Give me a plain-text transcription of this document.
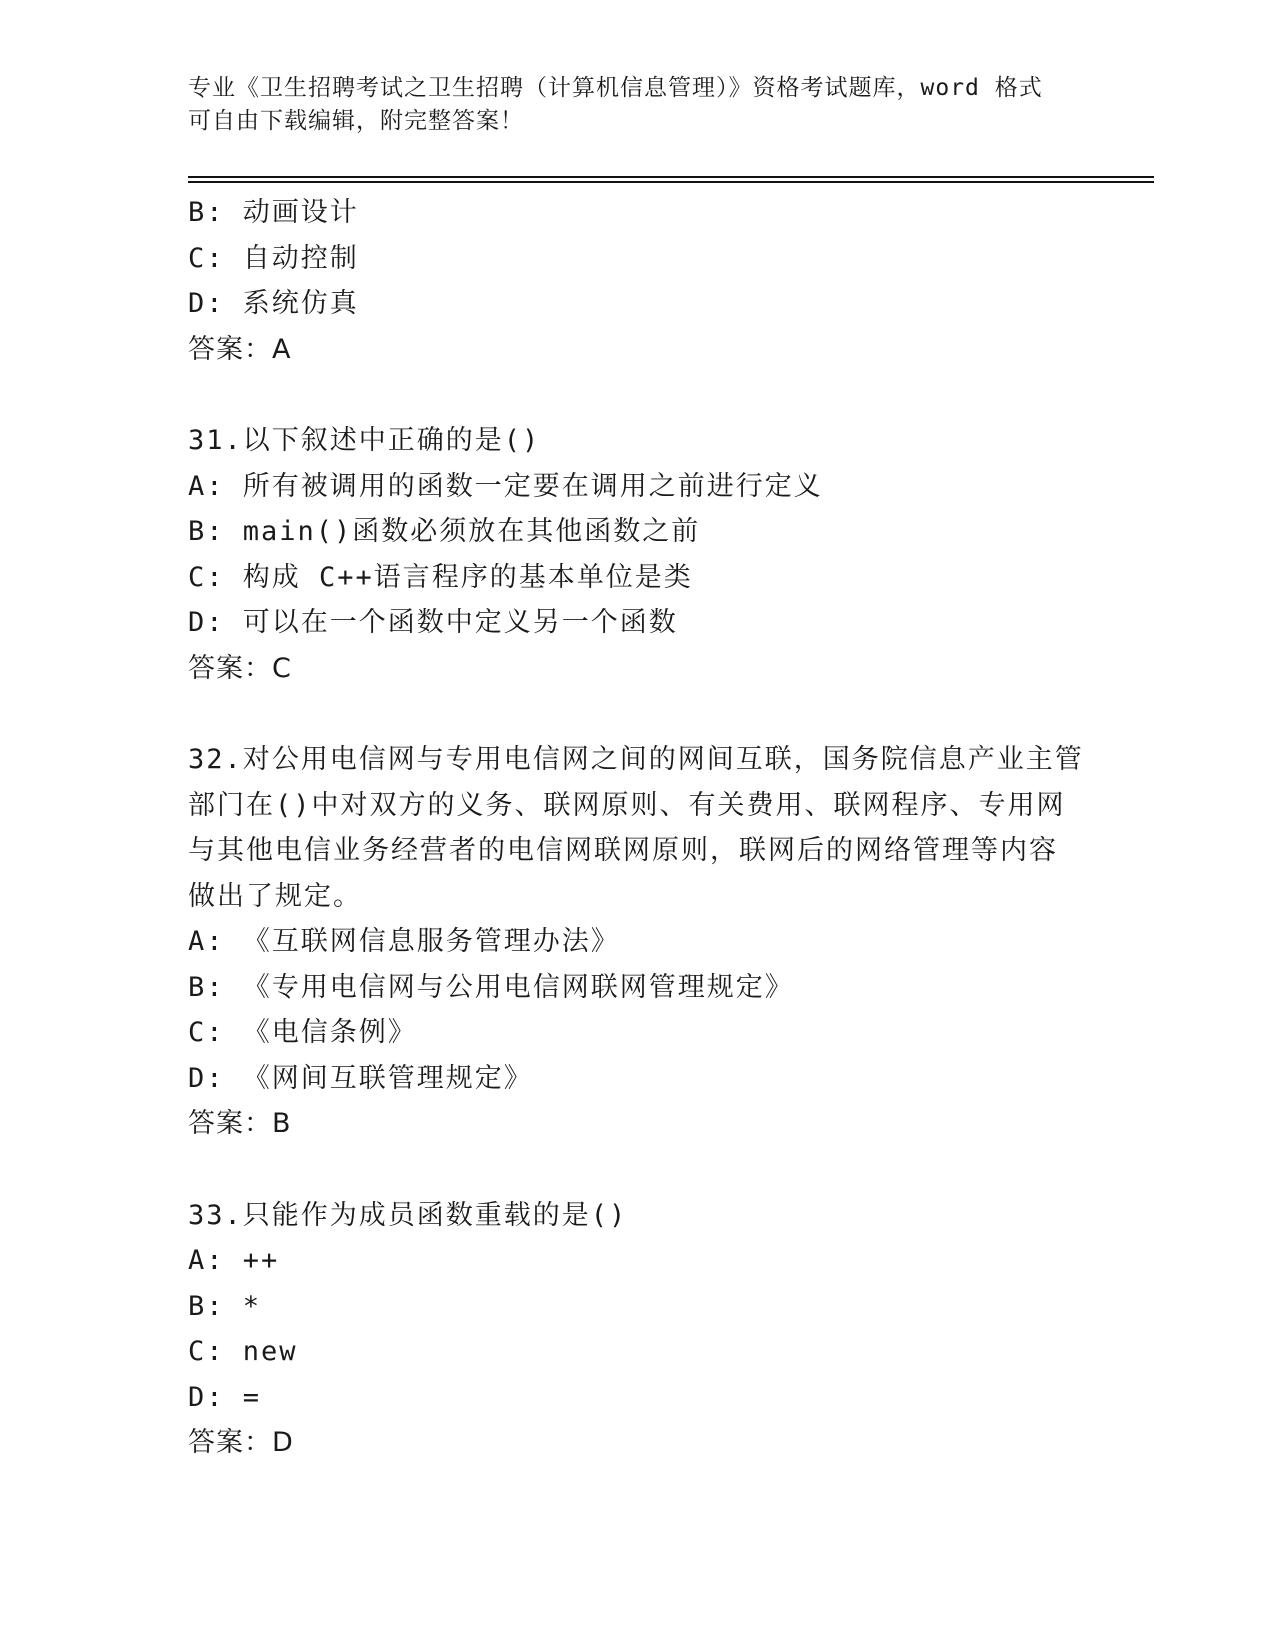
专业《卫生招聘考试之卫生招聘（计算机信息管理）》资格考试题库，word 格式
可自由下载编辑，附完整答案！
B: 动画设计
C: 自动控制
D: 系统仿真
答案：A
31.以下叙述中正确的是()
A: 所有被调用的函数一定要在调用之前进行定义
B: main()函数必须放在其他函数之前
C: 构成 C++语言程序的基本单位是类
D: 可以在一个函数中定义另一个函数
答案：C
32.对公用电信网与专用电信网之间的网间互联，国务院信息产业主管
部门在()中对双方的义务、联网原则、有关费用、联网程序、专用网
与其他电信业务经营者的电信网联网原则，联网后的网络管理等内容
做出了规定。
A: 《互联网信息服务管理办法》
B: 《专用电信网与公用电信网联网管理规定》
C: 《电信条例》
D: 《网间互联管理规定》
答案：B
33.只能作为成员函数重载的是()
A: ++
B: *
C: new
D: =
答案：D
